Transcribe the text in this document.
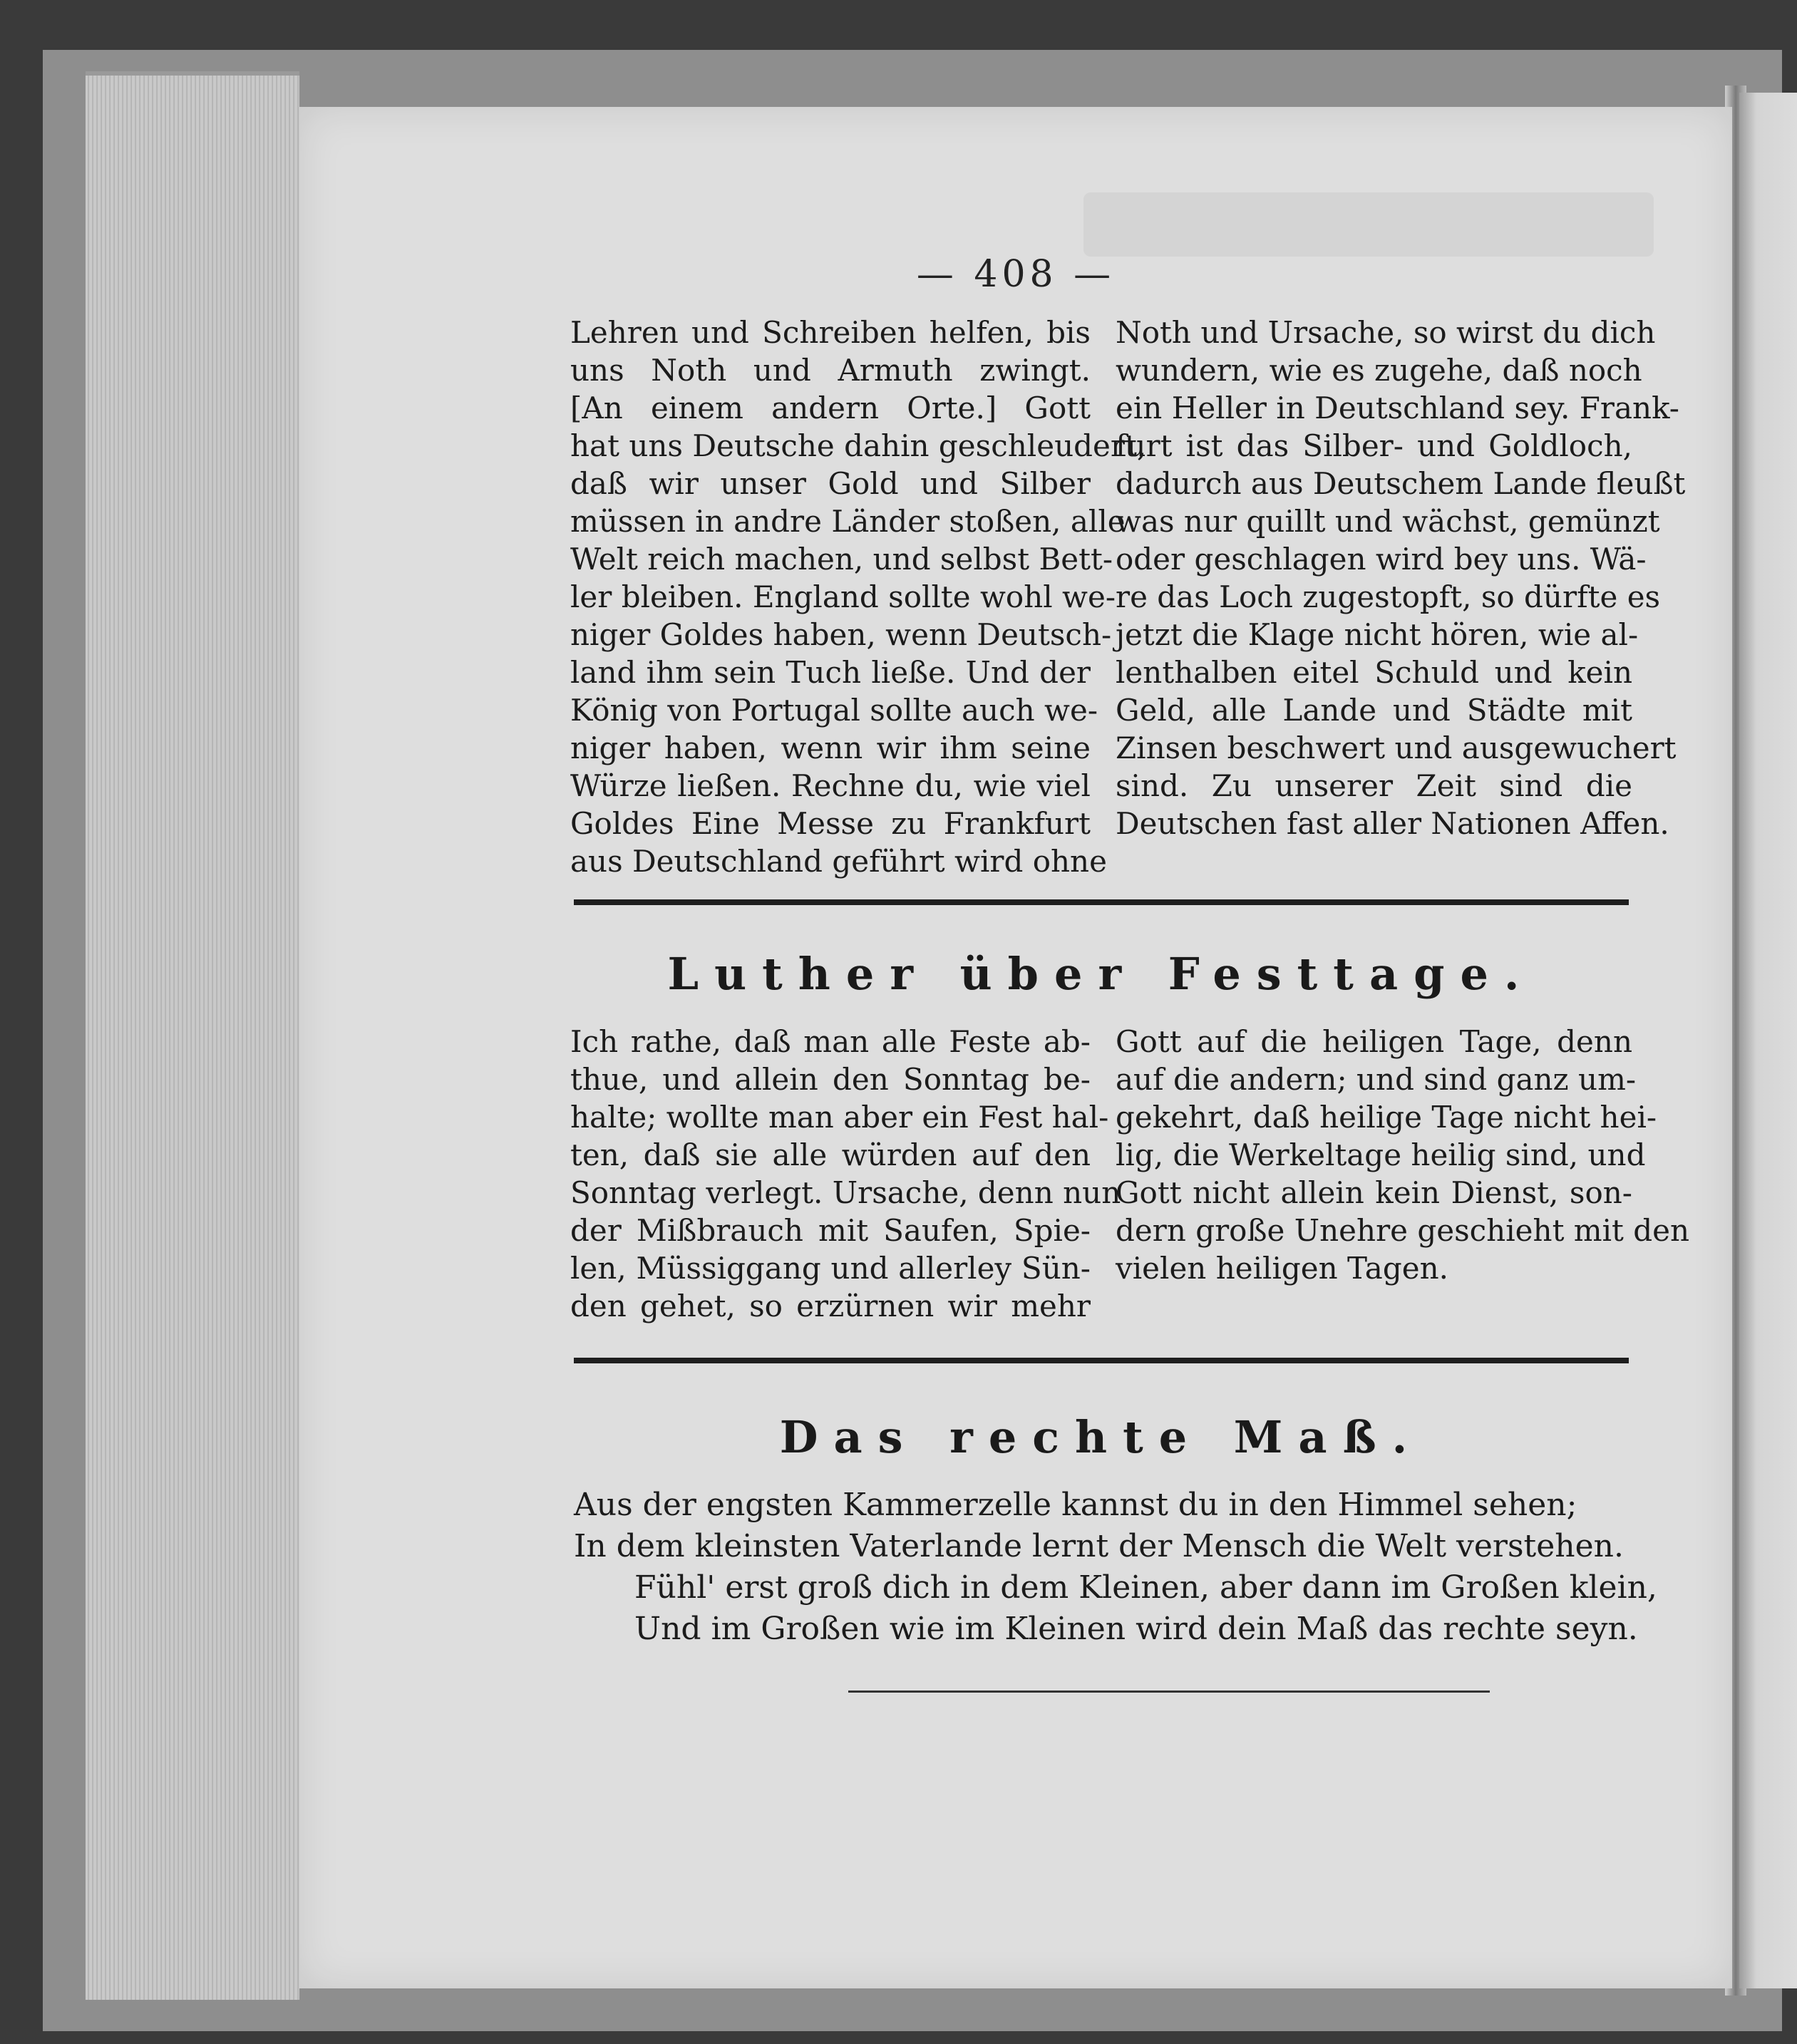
— 408 —
Lehren und Schreiben helfen, bis
uns Noth und Armuth zwingt.
[An einem andern Orte.] Gott
hat uns Deutsche dahin geschleudert,
daß wir unser Gold und Silber
müssen in andre Länder stoßen, alle
Welt reich machen, und selbst Bett-
ler bleiben. England sollte wohl we-
niger Goldes haben, wenn Deutsch-
land ihm sein Tuch ließe. Und der
König von Portugal sollte auch we-
niger haben, wenn wir ihm seine
Würze ließen. Rechne du, wie viel
Goldes Eine Messe zu Frankfurt
aus Deutschland geführt wird ohne
Noth und Ursache, so wirst du dich
wundern, wie es zugehe, daß noch
ein Heller in Deutschland sey. Frank-
furt ist das Silber- und Goldloch,
dadurch aus Deutschem Lande fleußt
was nur quillt und wächst, gemünzt
oder geschlagen wird bey uns. Wä-
re das Loch zugestopft, so dürfte es
jetzt die Klage nicht hören, wie al-
lenthalben eitel Schuld und kein
Geld, alle Lande und Städte mit
Zinsen beschwert und ausgewuchert
sind. Zu unserer Zeit sind die
Deutschen fast aller Nationen Affen.
Luther über Festtage.
Ich rathe, daß man alle Feste ab-
thue, und allein den Sonntag be-
halte; wollte man aber ein Fest hal-
ten, daß sie alle würden auf den
Sonntag verlegt. Ursache, denn nun
der Mißbrauch mit Saufen, Spie-
len, Müssiggang und allerley Sün-
den gehet, so erzürnen wir mehr
Gott auf die heiligen Tage, denn
auf die andern; und sind ganz um-
gekehrt, daß heilige Tage nicht hei-
lig, die Werkeltage heilig sind, und
Gott nicht allein kein Dienst, son-
dern große Unehre geschieht mit den
vielen heiligen Tagen.
Das rechte Maß.
Aus der engsten Kammerzelle kannst du in den Himmel sehen;
In dem kleinsten Vaterlande lernt der Mensch die Welt verstehen.
Fühl' erst groß dich in dem Kleinen, aber dann im Großen klein,
Und im Großen wie im Kleinen wird dein Maß das rechte seyn.
